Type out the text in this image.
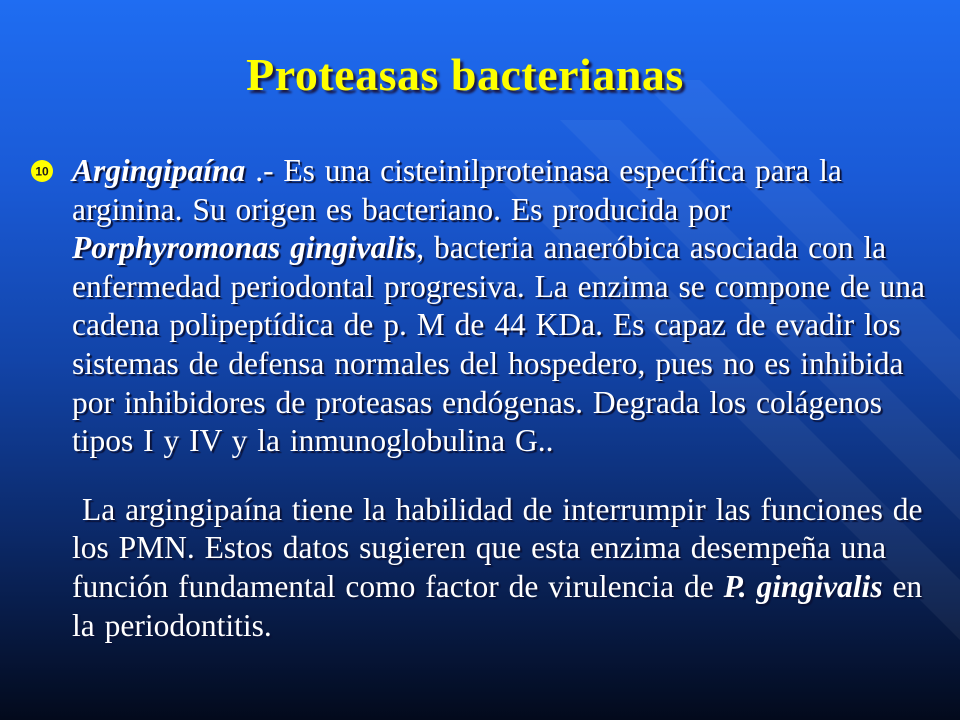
Proteasas bacterianas
10 Argingipaína .- Es una cisteinilproteinasa específica para la arginina. Su origen es bacteriano. Es producida por Porphyromonas gingivalis, bacteria anaeróbica asociada con la enfermedad periodontal progresiva. La enzima se compone de una cadena polipeptídica de p. M de 44 KDa. Es capaz de evadir los sistemas de defensa normales del hospedero, pues no es inhibida por inhibidores de proteasas endógenas. Degrada los colágenos tipos I y IV y la inmunoglobulina G..

La argingipaína tiene la habilidad de interrumpir las funciones de los PMN. Estos datos sugieren que esta enzima desempeña una función fundamental como factor de virulencia de P. gingivalis en la periodontitis.
